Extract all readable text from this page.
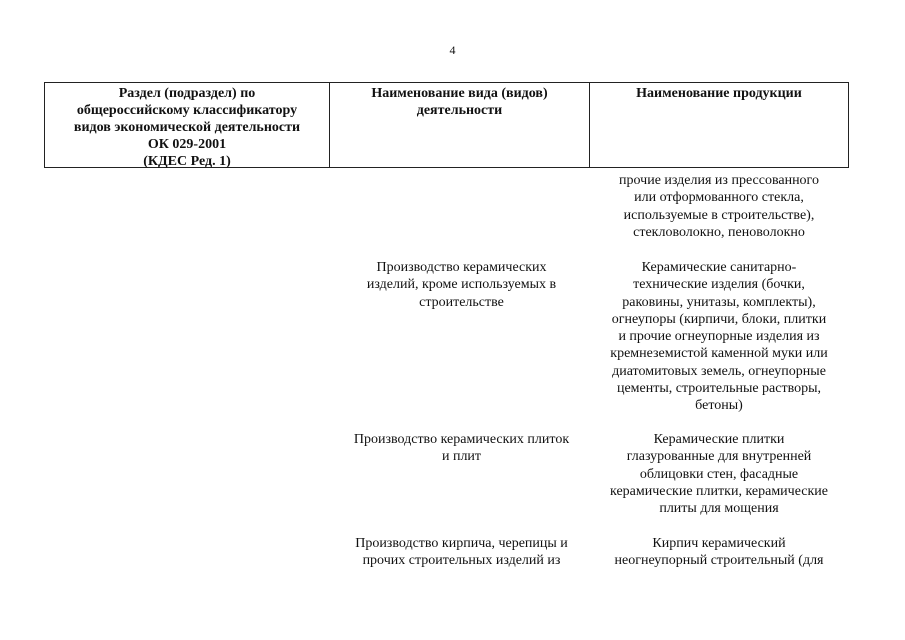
4
Раздел (подраздел) по
общероссийскому классификатору
видов экономической деятельности
ОК 029-2001
(КДЕС Ред. 1)
Наименование вида (видов)
деятельности
Наименование продукции
прочие изделия из прессованного
или отформованного стекла,
используемые в строительстве),
стекловолокно, пеноволокно
Производство керамических
изделий, кроме используемых в
строительстве
Керамические санитарно-
технические изделия (бочки,
раковины, унитазы, комплекты),
огнеупоры (кирпичи, блоки, плитки
и прочие огнеупорные изделия из
кремнеземистой каменной муки или
диатомитовых земель, огнеупорные
цементы, строительные растворы,
бетоны)
Производство керамических плиток
и плит
Керамические плитки
глазурованные для внутренней
облицовки стен, фасадные
керамические плитки, керамические
плиты для мощения
Производство кирпича, черепицы и
прочих строительных изделий из
Кирпич керамический
неогнеупорный строительный (для
